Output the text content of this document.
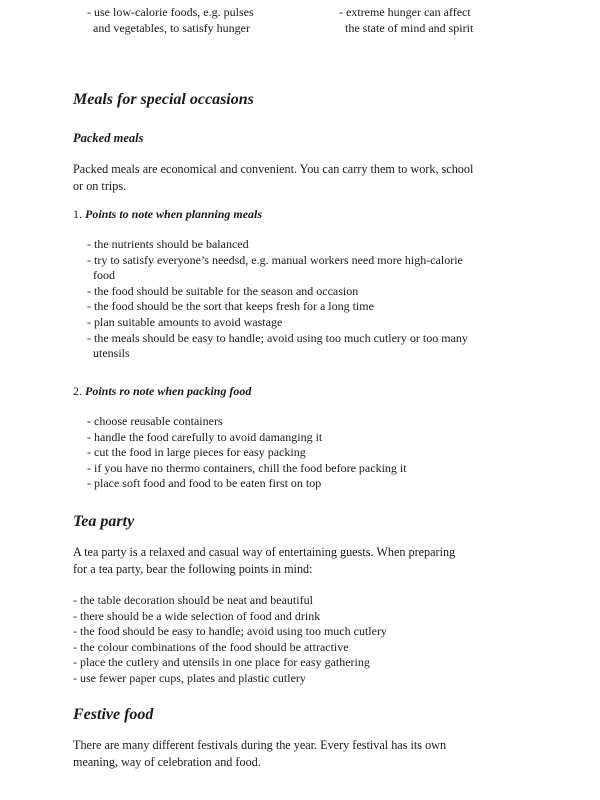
- use low-calorie foods, e.g. pulses
and vegetables, to satisfy hunger
- extreme hunger can affect
the state of mind and spirit
Meals for special occasions
Packed meals
Packed meals are economical and convenient. You can carry them to work, school
or on trips.
1. Points to note when planning meals
- the nutrients should be balanced
- try to satisfy everyone’s needsd, e.g. manual workers need more high-calorie
food
- the food should be suitable for the season and occasion
- the food should be the sort that keeps fresh for a long time
- plan suitable amounts to avoid wastage
- the meals should be easy to handle; avoid using too much cutlery or too many
utensils
2. Points ro note when packing food
- choose reusable containers
- handle the food carefully to avoid damanging it
- cut the food in large pieces for easy packing
- if you have no thermo containers, chill the food before packing it
- place soft food and food to be eaten first on top
Tea party
A tea party is a relaxed and casual way of entertaining guests. When preparing
for a tea party, bear the following points in mind:
- the table decoration should be neat and beautiful
- there should be a wide selection of food and drink
- the food should be easy to handle; avoid using too much cutlery
- the colour combinations of the food should be attractive
- place the cutlery and utensils in one place for easy gathering
- use fewer paper cups, plates and plastic cutlery
Festive food
There are many different festivals during the year. Every festival has its own
meaning, way of celebration and food.
